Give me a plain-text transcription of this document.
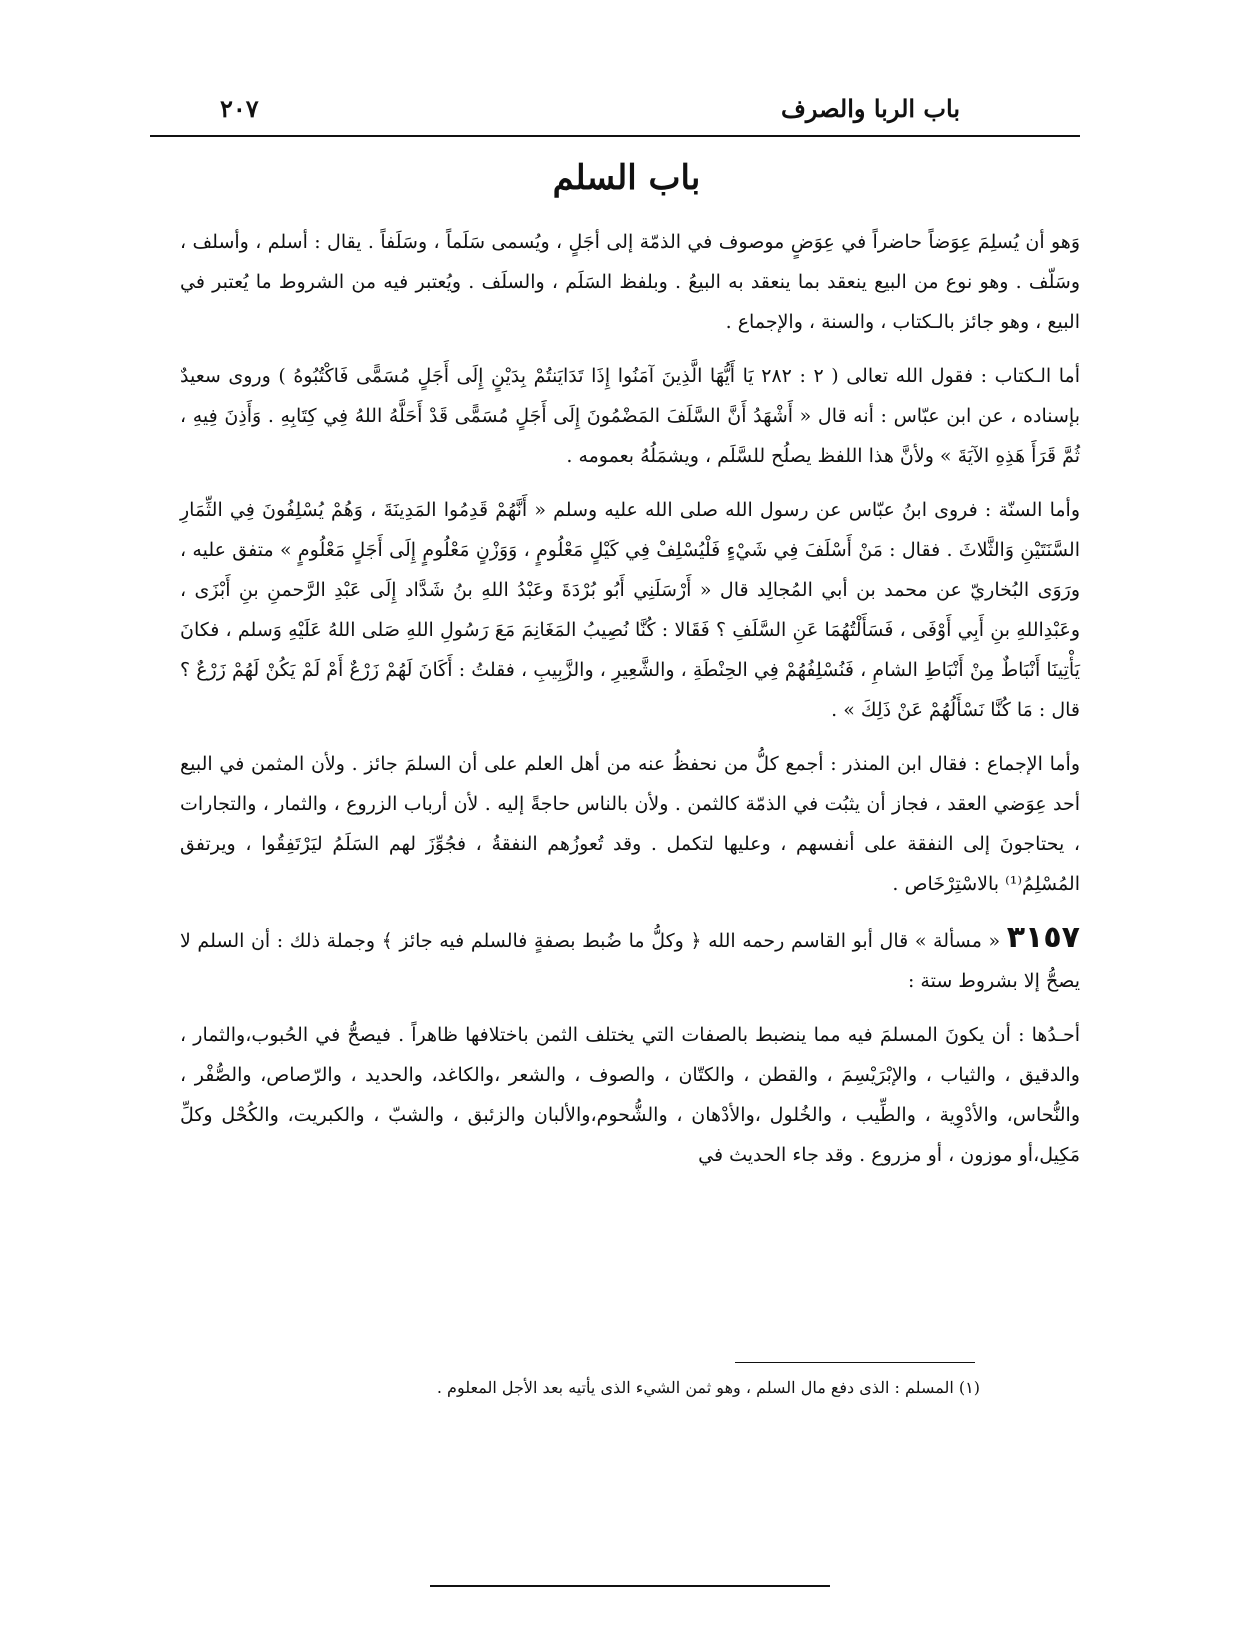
٢٠٧	باب الربا والصرف
باب السلم

وَهو أن يُسلِمَ عِوَضاً حاضراً في عِوَضٍ موصوف في الذمّة إلى أجَلٍ ، ويُسمى سَلَماً ، وسَلَفاً . يقال : أسلم ، وأسلف ، وسَلّف . وهو نوع من البيع ينعقد بما ينعقد به البيعُ . وبلفظ السَلَم ، والسلَف . ويُعتبر فيه من الشروط ما يُعتبر في البيع ، وهو جائز بالـكتاب ، والسنة ، والإجماع .

أما الـكتاب : فقول الله تعالى ( ٢ : ٢٨٢ يَا أَيُّهَا الَّذِينَ آمَنُوا إِذَا تَدَايَنتُمْ بِدَيْنٍ إِلَى أَجَلٍ مُسَمًّى فَاكْتُبُوهُ ) وروى سعيدٌ بإسناده ، عن ابن عبّاس : أنه قال « أَشْهَدُ أَنَّ السَّلَفَ المَضْمُونَ إِلَى أَجَلٍ مُسَمًّى قَدْ أَحَلَّهُ اللهُ فِي كِتَابِهِ . وَأَذِنَ فِيهِ ، ثُمَّ قَرَأَ هَذِهِ الآيَةَ » ولأنَّ هذا اللفظ يصلُح للسَّلَم ، ويشمَلُهُ بعمومه .

وأما السنّة : فروى ابنُ عبّاس عن رسول الله صلى الله عليه وسلم « أَنَّهُمْ قَدِمُوا المَدِينَةَ ، وَهُمْ يُسْلِفُونَ فِي الثِّمَارِ السَّنَتَيْنِ وَالثَّلاثَ . فقال : مَنْ أَسْلَفَ فِي شَيْءٍ فَلْيُسْلِفْ فِي كَيْلٍ مَعْلُومٍ ، وَوَزْنٍ مَعْلُومٍ إِلَى أَجَلٍ مَعْلُومٍ » متفق عليه ، ورَوَى البُخاريّ عن محمد بن أبي المُجالِد قال « أَرْسَلَنِي أَبُو بُرْدَةَ وعَبْدُ اللهِ بنُ شَدَّاد إِلَى عَبْدِ الرَّحمنِ بنِ أَبْزَى ، وعَبْدِاللهِ بنِ أَبِي أَوْفَى ، فَسَأَلْتُهُمَا عَنِ السَّلَفِ ؟ فَقَالا : كُنَّا نُصِيبُ المَغَانِمَ مَعَ رَسُولِ اللهِ صَلى اللهُ عَلَيْهِ وَسلم ، فكانَ يَأْتِينَا أَنْبَاطٌ مِنْ أَنْبَاطِ الشامِ ، فَنُسْلِفُهُمْ فِي الحِنْطَةِ ، والشَّعِيرِ ، والزَّبِيبِ ، فقلتُ : أَكَانَ لَهُمْ زَرْعٌ أَمْ لَمْ يَكُنْ لَهُمْ زَرْعٌ ؟ قال : مَا كُنَّا نَسْأَلُهُمْ عَنْ ذَلِكَ » .

وأما الإجماع : فقال ابن المنذر : أجمع كلُّ من نحفظُ عنه من أهل العلم على أن السلمَ جائز . ولأن المثمن في البيع أحد عِوَضي العقد ، فجاز أن يثبُت في الذمّة كالثمن . ولأن بالناس حاجةً إليه . لأن أرباب الزروع ، والثمار ، والتجارات ، يحتاجونَ إلى النفقة على أنفسهم ، وعليها لتكمل . وقد تُعوزُهم النفقةُ ، فجُوِّزَ لهم السَلَمُ ليَرْتَفِقُوا ، ويرتفق المُسْلِمُ⁽¹⁾ بالاسْتِرْخَاص .

٣١٥٧ « مسألة » قال أبو القاسم رحمه الله ﴿ وكلُّ ما ضُبط بصفةٍ فالسلم فيه جائز ﴾ وجملة ذلك : أن السلم لا يصحُّ إلا بشروط ستة :

أحـدُها : أن يكونَ المسلمَ فيه مما ينضبط بالصفات التي يختلف الثمن باختلافها ظاهراً . فيصحُّ في الحُبوب،والثمار ، والدقيق ، والثياب ، والإبْرَيْسِمَ ، والقطن ، والكتّان ، والصوف ، والشعر ،والكاغد، والحديد ، والرّصاص، والصُّفْر ، والنُّحاس، والأدْوِية ، والطِّيب ، والخُلول ،والأدْهان ، والشُّحوم،والألبان والزئبق ، والشبّ ، والكبريت، والكُحْل وكلِّ مَكِيل،أو موزون ، أو مزروع . وقد جاء الحديث في

(١) المسلم : الذى دفع مال السلم ، وهو ثمن الشيء الذى يأتيه بعد الأجل المعلوم .
